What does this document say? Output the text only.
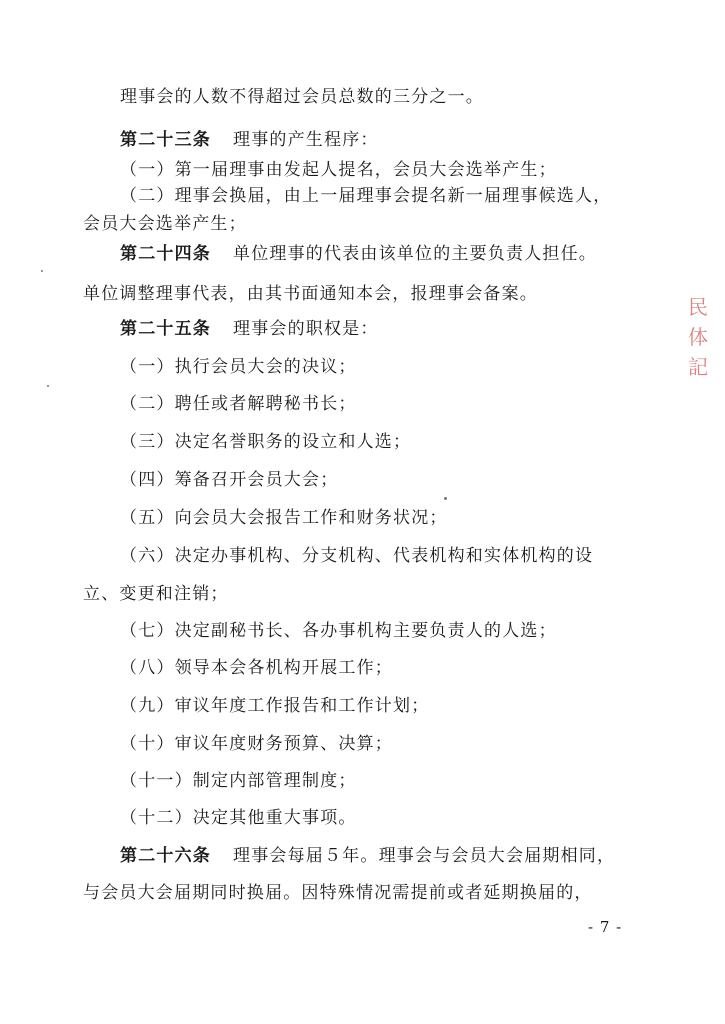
理事会的人数不得超过会员总数的三分之一。
第二十三条 理事的产生程序：
（一）第一届理事由发起人提名，会员大会选举产生；
（二）理事会换届，由上一届理事会提名新一届理事候选人，
会员大会选举产生；
第二十四条 单位理事的代表由该单位的主要负责人担任。
单位调整理事代表，由其书面通知本会，报理事会备案。
第二十五条 理事会的职权是：
（一）执行会员大会的决议；
（二）聘任或者解聘秘书长；
（三）决定名誉职务的设立和人选；
（四）筹备召开会员大会；
（五）向会员大会报告工作和财务状况；
（六）决定办事机构、分支机构、代表机构和实体机构的设
立、变更和注销；
（七）决定副秘书长、各办事机构主要负责人的人选；
（八）领导本会各机构开展工作；
（九）审议年度工作报告和工作计划；
（十）审议年度财务预算、决算；
（十一）制定内部管理制度；
（十二）决定其他重大事项。
第二十六条 理事会每届５年。理事会与会员大会届期相同，
与会员大会届期同时换届。因特殊情况需提前或者延期换届的，
- 7 -
民
体
記
